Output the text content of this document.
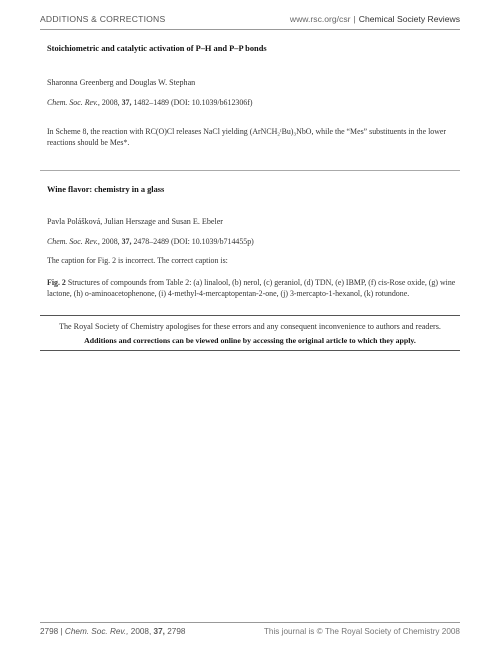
ADDITIONS & CORRECTIONS	www.rsc.org/csr | Chemical Society Reviews
Stoichiometric and catalytic activation of P–H and P–P bonds
Sharonna Greenberg and Douglas W. Stephan
Chem. Soc. Rev., 2008, 37, 1482–1489 (DOI: 10.1039/b612306f)
In Scheme 8, the reaction with RC(O)Cl releases NaCl yielding (ArNCH₂ᵗBu)₃NbO, while the “Mes” substituents in the lower reactions should be Mes*.
Wine flavor: chemistry in a glass
Pavla Polášková, Julian Herszage and Susan E. Ebeler
Chem. Soc. Rev., 2008, 37, 2478–2489 (DOI: 10.1039/b714455p)
The caption for Fig. 2 is incorrect. The correct caption is:
Fig. 2 Structures of compounds from Table 2: (a) linalool, (b) nerol, (c) geraniol, (d) TDN, (e) IBMP, (f) cis-Rose oxide, (g) wine lactone, (h) o-aminoacetophenone, (i) 4-methyl-4-mercaptopentan-2-one, (j) 3-mercapto-1-hexanol, (k) rotundone.
The Royal Society of Chemistry apologises for these errors and any consequent inconvenience to authors and readers.
Additions and corrections can be viewed online by accessing the original article to which they apply.
2798 | Chem. Soc. Rev., 2008, 37, 2798	This journal is © The Royal Society of Chemistry 2008
